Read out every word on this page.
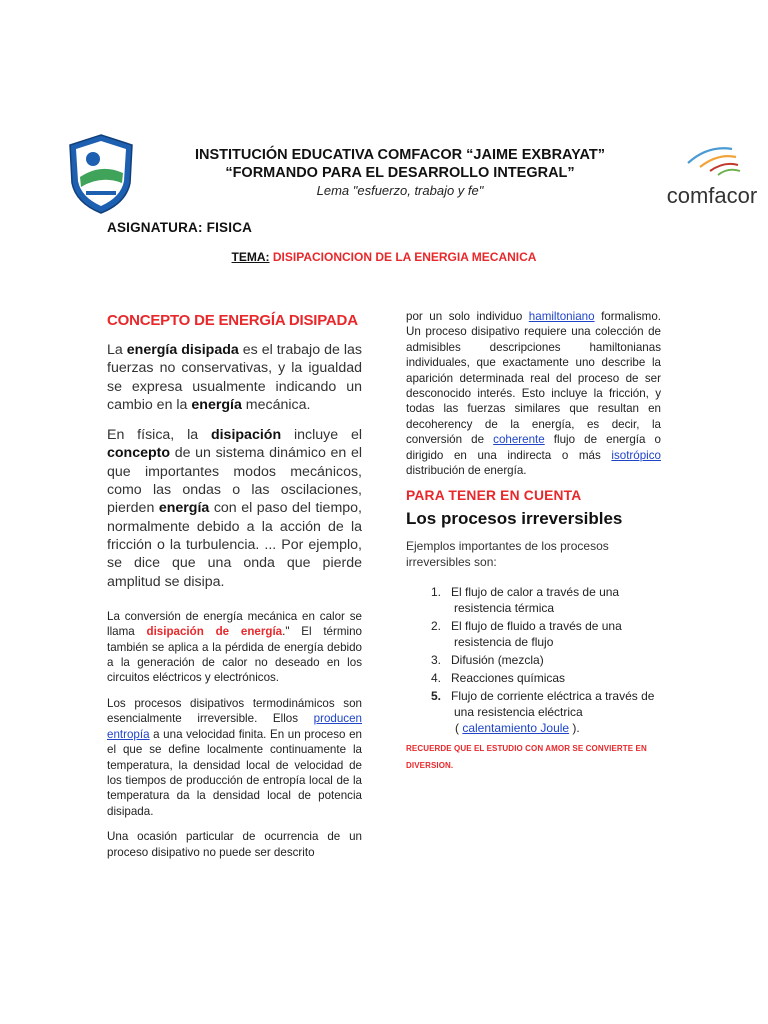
INSTITUCIÓN EDUCATIVA COMFACOR “JAIME EXBRAYAT”
“FORMANDO PARA EL DESARROLLO INTEGRAL”
Lema "esfuerzo, trabajo y fe"	comfacor
ASIGNATURA: FISICA
TEMA: DISIPACIONCION DE LA ENERGIA MECANICA
CONCEPTO DE ENERGÍA DISIPADA

La energía disipada es el trabajo de las fuerzas no conservativas, y la igualdad se expresa usualmente indicando un cambio en la energía mecánica.

En física, la disipación incluye el concepto de un sistema dinámico en el que importantes modos mecánicos, como las ondas o las oscilaciones, pierden energía con el paso del tiempo, normalmente debido a la acción de la fricción o la turbulencia. ... Por ejemplo, se dice que una onda que pierde amplitud se disipa.

La conversión de energía mecánica en calor se llama disipación de energía." El término también se aplica a la pérdida de energía debido a la generación de calor no deseado en los circuitos eléctricos y electrónicos.

Los procesos disipativos termodinámicos son esencialmente irreversible. Ellos producen entropía a una velocidad finita. En un proceso en el que se define localmente continuamente la temperatura, la densidad local de velocidad de los tiempos de producción de entropía local de la temperatura da la densidad local de potencia disipada.

Una ocasión particular de ocurrencia de un proceso disipativo no puede ser descrito

por un solo individuo hamiltoniano formalismo. Un proceso disipativo requiere una colección de admisibles descripciones hamiltonianas individuales, que exactamente uno describe la aparición determinada real del proceso de ser desconocido interés. Esto incluye la fricción, y todas las fuerzas similares que resultan en decoherency de la energía, es decir, la conversión de coherente flujo de energía o dirigido en una indirecta o más isotrópico distribución de energía.

PARA TENER EN CUENTA
Los procesos irreversibles
Ejemplos importantes de los procesos irreversibles son:
1. El flujo de calor a través de una resistencia térmica
2. El flujo de fluido a través de una resistencia de flujo
3. Difusión (mezcla)
4. Reacciones químicas
5. Flujo de corriente eléctrica a través de una resistencia eléctrica
( calentamiento Joule ).
RECUERDE QUE EL ESTUDIO CON AMOR SE CONVIERTE EN DIVERSION.
